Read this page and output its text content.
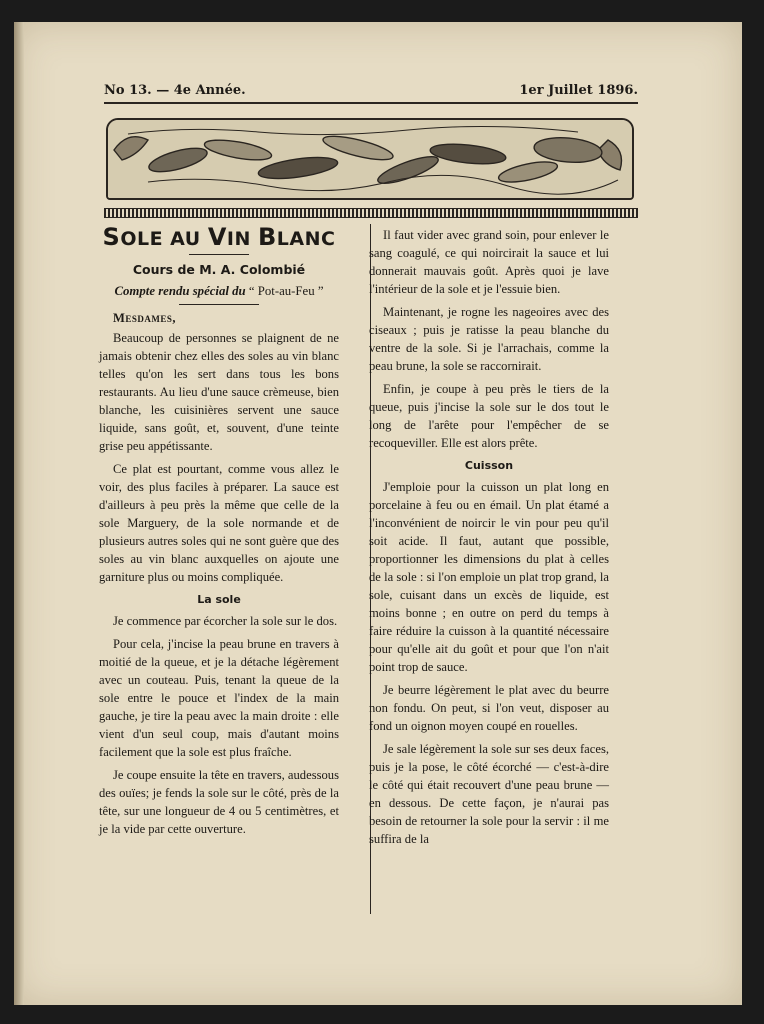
No 13. — 4e Année.	1er Juillet 1896.
SOLE AU VIN BLANC
Cours de M. A. Colombié
Compte rendu spécial du “ Pot-au-Feu ”
Mesdames,

Beaucoup de personnes se plaignent de ne jamais obtenir chez elles des soles au vin blanc telles qu'on les sert dans tous les bons restaurants. Au lieu d'une sauce crèmeuse, bien blanche, les cuisinières servent une sauce liquide, sans goût, et, souvent, d'une teinte grise peu appétissante.

Ce plat est pourtant, comme vous allez le voir, des plus faciles à préparer. La sauce est d'ailleurs à peu près la même que celle de la sole Marguery, de la sole normande et de plusieurs autres soles qui ne sont guère que des soles au vin blanc auxquelles on ajoute une garniture plus ou moins compliquée.

La sole

Je commence par écorcher la sole sur le dos.

Pour cela, j'incise la peau brune en travers à moitié de la queue, et je la détache légèrement avec un couteau. Puis, tenant la queue de la sole entre le pouce et l'index de la main gauche, je tire la peau avec la main droite : elle vient d'un seul coup, mais d'autant moins facilement que la sole est plus fraîche.

Je coupe ensuite la tête en travers, audessous des ouïes; je fends la sole sur le côté, près de la tête, sur une longueur de 4 ou 5 centimètres, et je la vide par cette ouverture.

Il faut vider avec grand soin, pour enlever le sang coagulé, ce qui noircirait la sauce et lui donnerait mauvais goût. Après quoi je lave l'intérieur de la sole et je l'essuie bien.

Maintenant, je rogne les nageoires avec des ciseaux ; puis je ratisse la peau blanche du ventre de la sole. Si je l'arrachais, comme la peau brune, la sole se raccornirait.

Enfin, je coupe à peu près le tiers de la queue, puis j'incise la sole sur le dos tout le long de l'arête pour l'empêcher de se recoqueviller. Elle est alors prête.

Cuisson

J'emploie pour la cuisson un plat long en porcelaine à feu ou en émail. Un plat étamé a l'inconvénient de noircir le vin pour peu qu'il soit acide. Il faut, autant que possible, proportionner les dimensions du plat à celles de la sole : si l'on emploie un plat trop grand, la sole, cuisant dans un excès de liquide, est moins bonne ; en outre on perd du temps à faire réduire la cuisson à la quantité nécessaire pour qu'elle ait du goût et pour que l'on n'ait point trop de sauce.

Je beurre légèrement le plat avec du beurre non fondu. On peut, si l'on veut, disposer au fond un oignon moyen coupé en rouelles.

Je sale légèrement la sole sur ses deux faces, puis je la pose, le côté écorché — c'est-à-dire le côté qui était recouvert d'une peau brune — en dessous. De cette façon, je n'aurai pas besoin de retourner la sole pour la servir : il me suffira de la
